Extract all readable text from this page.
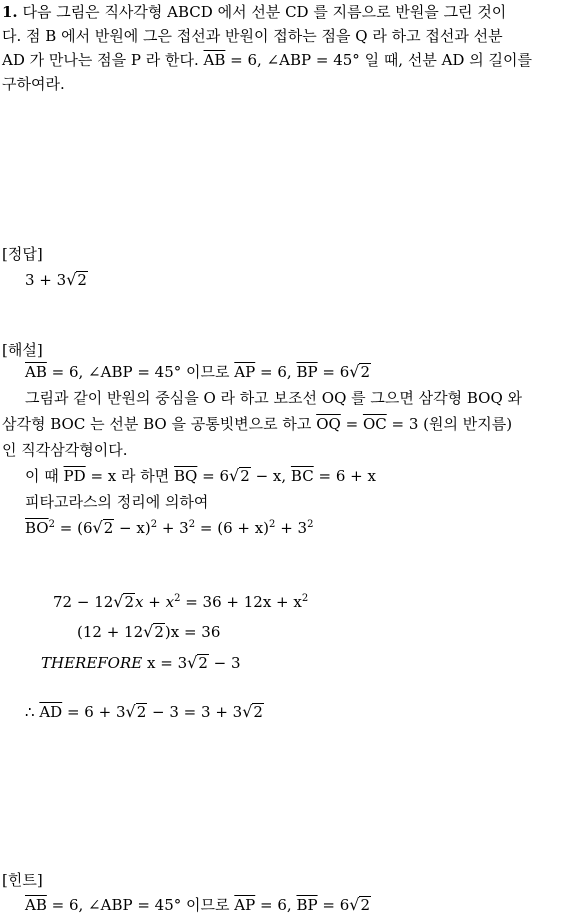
1. 다음 그림은 직사각형 ABCD 에서 선분 CD 를 지름으로 반원을 그린 것이
다. 점 B 에서 반원에 그은 접선과 반원이 접하는 점을 Q 라 하고 접선과 선분
AD 가 만나는 점을 P 라 한다. $\overline{AB} = 6$, ∠ABP = 45° 일 때, 선분 AD 의 길이를
구하여라.
[정답]
3 + 3√2
[해설]
$\overline{AB} = 6$, ∠ABP = 45° 이므로 $\overline{AP} = 6$, $\overline{BP} = 6√2$
그림과 같이 반원의 중심을 O 라 하고 보조선 OQ 를 그으면 삼각형 BOQ 와
삼각형 BOC 는 선분 BO 을 공통빗변으로 하고 $\overline{OQ} = \overline{OC} = 3$ (원의 반지름)
인 직각삼각형이다.
이 때 $\overline{PD} = x$ 라 하면 $\overline{BQ} = 6√2 - x$, $\overline{BC} = 6 + x$
피타고라스의 정리에 의하여
$\overline{BO}^2 = (6√2 - x)^2 + 3^2 = (6 + x)^2 + 3^2$
$72 - 12√2x + x^2 = 36 + 12x + x^2$
(12 + 12√2)x = 36
THEREFORE x = 3√2 − 3
∴ $\overline{AD} = 6 + 3√2 - 3 = 3 + 3√2$
[힌트]
$\overline{AB} = 6$, ∠ABP = 45° 이므로 $\overline{AP} = 6$, $\overline{BP} = 6√2$
